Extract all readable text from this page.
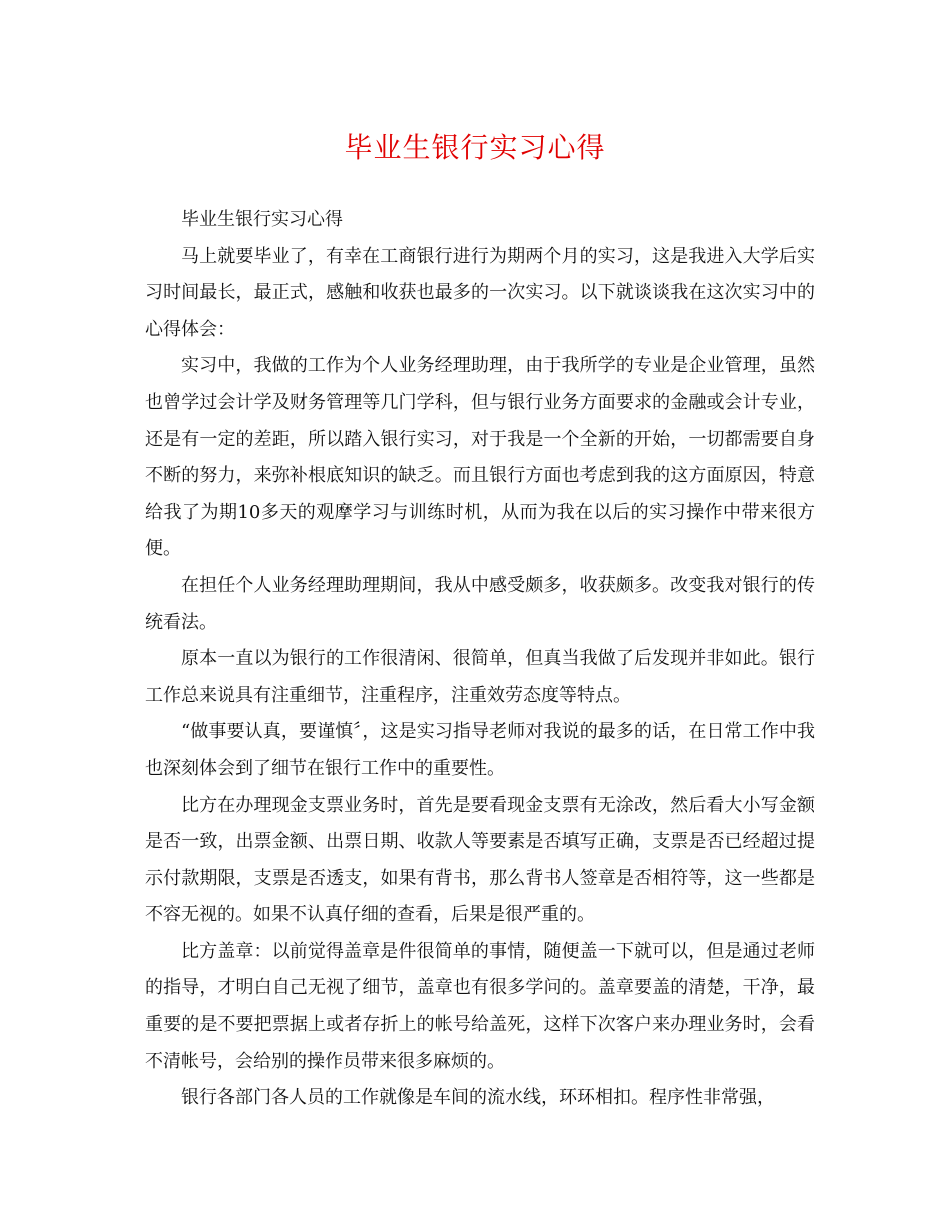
毕业生银行实习心得

毕业生银行实习心得

马上就要毕业了，有幸在工商银行进行为期两个月的实习，这是我进入大学后实习时间最长，最正式，感触和收获也最多的一次实习。以下就谈谈我在这次实习中的心得体会：

实习中，我做的工作为个人业务经理助理，由于我所学的专业是企业管理，虽然也曾学过会计学及财务管理等几门学科，但与银行业务方面要求的金融或会计专业，还是有一定的差距，所以踏入银行实习，对于我是一个全新的开始，一切都需要自身不断的努力，来弥补根底知识的缺乏。而且银行方面也考虑到我的这方面原因，特意给我了为期10多天的观摩学习与训练时机，从而为我在以后的实习操作中带来很方便。

在担任个人业务经理助理期间，我从中感受颇多，收获颇多。改变我对银行的传统看法。

原本一直以为银行的工作很清闲、很简单，但真当我做了后发现并非如此。银行工作总来说具有注重细节，注重程序，注重效劳态度等特点。

“做事要认真，要谨慎〞，这是实习指导老师对我说的最多的话，在日常工作中我也深刻体会到了细节在银行工作中的重要性。

比方在办理现金支票业务时，首先是要看现金支票有无涂改，然后看大小写金额是否一致，出票金额、出票日期、收款人等要素是否填写正确，支票是否已经超过提示付款期限，支票是否透支，如果有背书，那么背书人签章是否相符等，这一些都是不容无视的。如果不认真仔细的查看，后果是很严重的。

比方盖章：以前觉得盖章是件很简单的事情，随便盖一下就可以，但是通过老师的指导，才明白自己无视了细节，盖章也有很多学问的。盖章要盖的清楚，干净，最重要的是不要把票据上或者存折上的帐号给盖死，这样下次客户来办理业务时，会看不清帐号，会给别的操作员带来很多麻烦的。

银行各部门各人员的工作就像是车间的流水线，环环相扣。程序性非常强，
